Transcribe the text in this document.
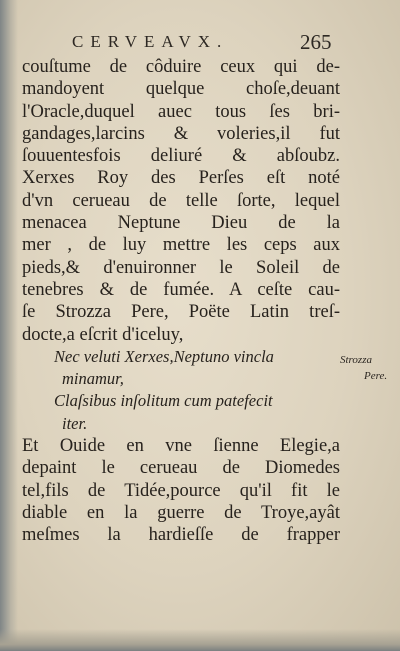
CERVEAVX.	265
couſtume de côduire ceux qui de-
mandoyent quelque choſe,deuant
l'Oracle,duquel auec tous ſes bri-
gandages,larcins & voleries,il fut
ſouuentesfois deliuré & abſoubz.
Xerxes Roy des Perſes eſt noté
d'vn cerueau de telle ſorte, lequel
menacea Neptune Dieu de la
mer , de luy mettre les ceps aux
pieds,& d'enuironner le Soleil de
tenebres & de fumée. A ceſte cau-
ſe Strozza Pere, Poëte Latin treſ-
docte,a eſcrit d'iceluy,
Nec veluti Xerxes,Neptuno vincla
minamur,
Claſsibus inſolitum cum patefecit
iter.
Et Ouide en vne ſienne Elegie,a
depaint le cerueau de Diomedes
tel,fils de Tidée,pource qu'il fit le
diable en la guerre de Troye,ayât
meſmes la hardieſſe de frapper
Strozza
Pere.
